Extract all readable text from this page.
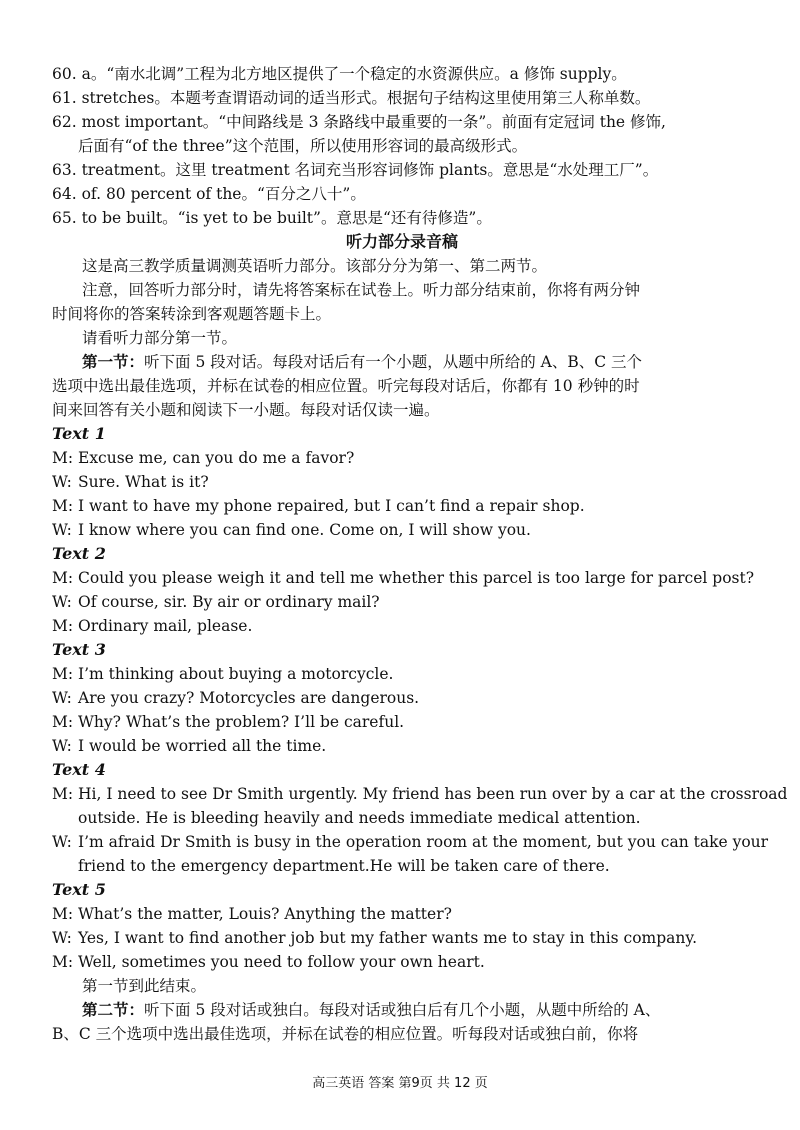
60. a。“南水北调”工程为北方地区提供了一个稳定的水资源供应。a 修饰 supply。
61. stretches。本题考查谓语动词的适当形式。根据句子结构这里使用第三人称单数。
62. most important。“中间路线是 3 条路线中最重要的一条”。前面有定冠词 the 修饰,
后面有“of the three”这个范围，所以使用形容词的最高级形式。
63. treatment。这里 treatment 名词充当形容词修饰 plants。意思是“水处理工厂”。
64. of. 80 percent of the。“百分之八十”。
65. to be built。“is yet to be built”。意思是“还有待修造”。
听力部分录音稿
这是高三教学质量调测英语听力部分。该部分分为第一、第二两节。
注意，回答听力部分时，请先将答案标在试卷上。听力部分结束前，你将有两分钟
时间将你的答案转涂到客观题答题卡上。
请看听力部分第一节。
第一节：听下面 5 段对话。每段对话后有一个小题，从题中所给的 A、B、C 三个
选项中选出最佳选项，并标在试卷的相应位置。听完每段对话后，你都有 10 秒钟的时
间来回答有关小题和阅读下一小题。每段对话仅读一遍。
Text 1
M: Excuse me, can you do me a favor?
W: Sure. What is it?
M: I want to have my phone repaired, but I can’t find a repair shop.
W: I know where you can find one. Come on, I will show you.
Text 2
M: Could you please weigh it and tell me whether this parcel is too large for parcel post?
W: Of course, sir. By air or ordinary mail?
M: Ordinary mail, please.
Text 3
M: I’m thinking about buying a motorcycle.
W: Are you crazy? Motorcycles are dangerous.
M: Why? What’s the problem? I’ll be careful.
W: I would be worried all the time.
Text 4
M: Hi, I need to see Dr Smith urgently. My friend has been run over by a car at the crossroad
outside. He is bleeding heavily and needs immediate medical attention.
W: I’m afraid Dr Smith is busy in the operation room at the moment, but you can take your
friend to the emergency department.He will be taken care of there.
Text 5
M: What’s the matter, Louis? Anything the matter?
W: Yes, I want to find another job but my father wants me to stay in this company.
M: Well, sometimes you need to follow your own heart.
第一节到此结束。
第二节：听下面 5 段对话或独白。每段对话或独白后有几个小题，从题中所给的 A、
B、C 三个选项中选出最佳选项，并标在试卷的相应位置。听每段对话或独白前，你将
高三英语 答案 第9页 共 12 页
